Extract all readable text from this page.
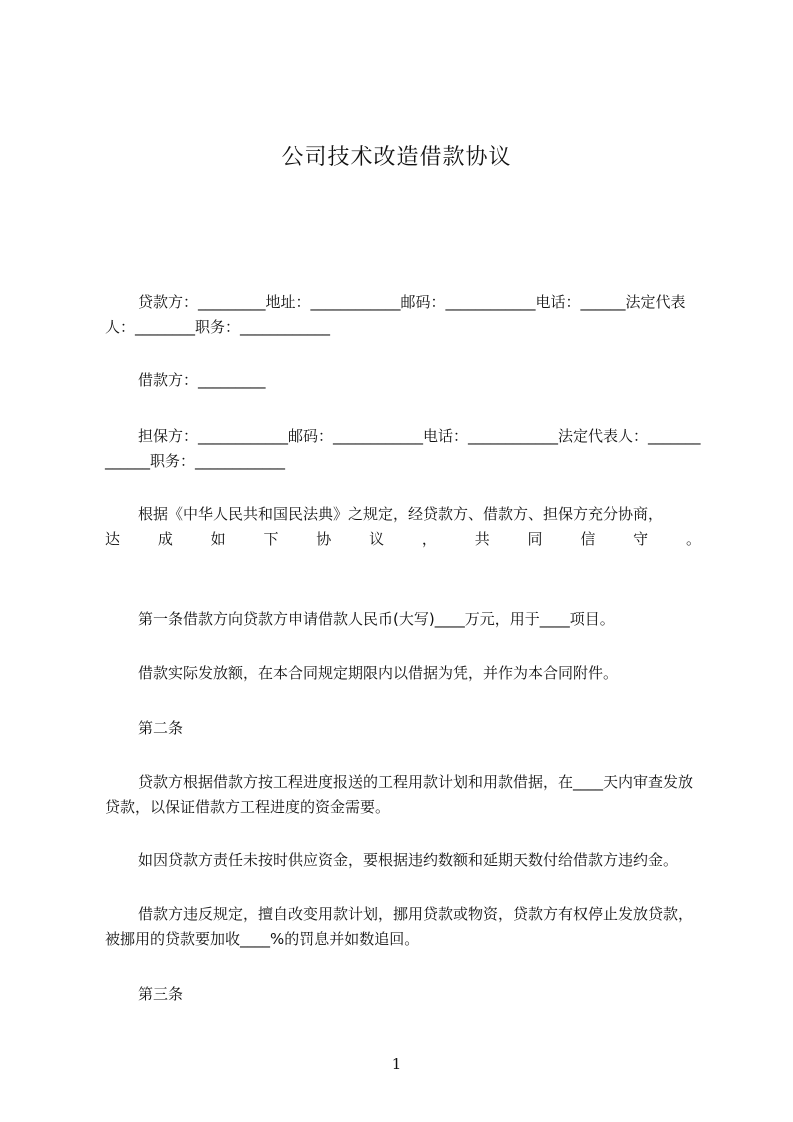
公司技术改造借款协议

贷款方：_________地址：____________邮码：____________电话：______法定代表人：________职务：____________

借款方：_________

担保方：____________邮码：____________电话：____________法定代表人：_____________职务：____________

根据《中华人民共和国民法典》之规定，经贷款方、借款方、担保方充分协商，

达	成	如	下	协	议	，	共	同	信	守	。

第一条借款方向贷款方申请借款人民币(大写)____万元，用于____项目。

借款实际发放额，在本合同规定期限内以借据为凭，并作为本合同附件。

第二条

贷款方根据借款方按工程进度报送的工程用款计划和用款借据，在____天内审查发放贷款，以保证借款方工程进度的资金需要。

如因贷款方责任未按时供应资金，要根据违约数额和延期天数付给借款方违约金。

借款方违反规定，擅自改变用款计划，挪用贷款或物资，贷款方有权停止发放贷款，被挪用的贷款要加收____%的罚息并如数追回。

第三条

1
